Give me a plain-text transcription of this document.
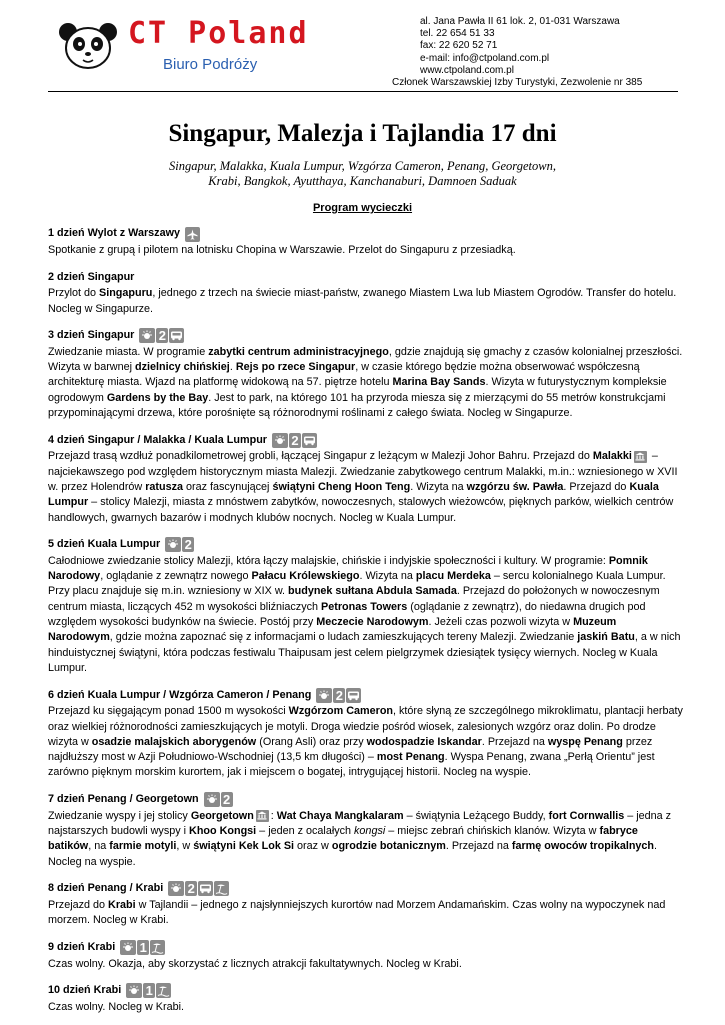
CT Poland
Biuro Podróży
al. Jana Pawła II 61 lok. 2, 01-031 Warszawa
tel. 22 654 51 33
fax: 22 620 52 71
e-mail: info@ctpoland.com.pl
www.ctpoland.com.pl
Członek Warszawskiej Izby Turystyki, Zezwolenie nr 385
Singapur, Malezja i Tajlandia 17 dni
Singapur, Malakka, Kuala Lumpur, Wzgórza Cameron, Penang, Georgetown,
Krabi, Bangkok, Ayutthaya, Kanchanaburi, Damnoen Saduak
Program wycieczki
1 dzień Wylot z Warszawy
Spotkanie z grupą i pilotem na lotnisku Chopina w Warszawie. Przelot do Singapuru z przesiadką.
2 dzień Singapur
Przylot do Singapuru, jednego z trzech na świecie miast-państw, zwanego Miastem Lwa lub Miastem Ogrodów. Transfer do hotelu. Nocleg w Singapurze.
3 dzień Singapur 2
Zwiedzanie miasta. W programie zabytki centrum administracyjnego, gdzie znajdują się gmachy z czasów kolonialnej przeszłości. Wizyta w barwnej dzielnicy chińskiej. Rejs po rzece Singapur, w czasie którego będzie można obserwować współczesną architekturę miasta. Wjazd na platformę widokową na 57. piętrze hotelu Marina Bay Sands. Wizyta w futurystycznym kompleksie ogrodowym Gardens by the Bay. Jest to park, na którego 101 ha przyroda miesza się z mierzącymi do 55 metrów konstrukcjami przypominającymi drzewa, które porośnięte są różnorodnymi roślinami z całego świata. Nocleg w Singapurze.
4 dzień Singapur / Malakka / Kuala Lumpur 2
Przejazd trasą wzdłuż ponadkilometrowej grobli, łączącej Singapur z leżącym w Malezji Johor Bahru. Przejazd do Malakki
– najciekawszego pod względem historycznym miasta Malezji. Zwiedzanie zabytkowego centrum Malakki, m.in.: wzniesionego w XVII w. przez Holendrów ratusza oraz fascynującej świątyni Cheng Hoon Teng. Wizyta na wzgórzu św. Pawła. Przejazd do Kuala Lumpur – stolicy Malezji, miasta z mnóstwem zabytków, nowoczesnych, stalowych wieżowców, pięknych parków, wielkich centrów handlowych, gwarnych bazarów i modnych klubów nocnych. Nocleg w Kuala Lumpur.
5 dzień Kuala Lumpur 2
Całodniowe zwiedzanie stolicy Malezji, która łączy malajskie, chińskie i indyjskie społeczności i kultury. W programie: Pomnik Narodowy, oglądanie z zewnątrz nowego Pałacu Królewskiego. Wizyta na placu Merdeka – sercu kolonialnego Kuala Lumpur. Przy placu znajduje się m.in. wzniesiony w XIX w. budynek sułtana Abdula Samada. Przejazd do położonych w nowoczesnym centrum miasta, liczących 452 m wysokości bliźniaczych Petronas Towers (oglądanie z zewnątrz), do niedawna drugich pod względem wysokości budynków na świecie. Postój przy Meczecie Narodowym. Jeżeli czas pozwoli wizyta w Muzeum Narodowym, gdzie można zapoznać się z informacjami o ludach zamieszkujących tereny Malezji. Zwiedzanie jaskiń Batu, a w nich hinduistycznej świątyni, która podczas festiwalu Thaipusam jest celem pielgrzymek dziesiątek tysięcy wiernych. Nocleg w Kuala Lumpur.
6 dzień Kuala Lumpur / Wzgórza Cameron / Penang 2
Przejazd ku sięgającym ponad 1500 m wysokości Wzgórzom Cameron, które słyną ze szczególnego mikroklimatu, plantacji herbaty oraz wielkiej różnorodności zamieszkujących je motyli. Droga wiedzie pośród wiosek, zalesionych wzgórz oraz dolin. Po drodze wizyta w osadzie malajskich aborygenów (Orang Asli) oraz przy wodospadzie Iskandar. Przejazd na wyspę Penang przez najdłuższy most w Azji Południowo-Wschodniej (13,5 km długości) – most Penang. Wyspa Penang, zwana „Perłą Orientu” jest zarówno pięknym morskim kurortem, jak i miejscem o bogatej, intrygującej historii. Nocleg na wyspie.
7 dzień Penang / Georgetown 2
Zwiedzanie wyspy i jej stolicy Georgetown : Wat Chaya Mangkalaram – świątynia Leżącego Buddy, fort Cornwallis – jedna z najstarszych budowli wyspy i Khoo Kongsi – jeden z ocalałych kongsi – miejsc zebrań chińskich klanów. Wizyta w fabryce batików, na farmie motyli, w świątyni Kek Lok Si oraz w ogrodzie botanicznym. Przejazd na farmę owoców tropikalnych. Nocleg na wyspie.
8 dzień Penang / Krabi 2
Przejazd do Krabi w Tajlandii – jednego z najsłynniejszych kurortów nad Morzem Andamańskim. Czas wolny na wypoczynek nad morzem. Nocleg w Krabi.
9 dzień Krabi 1
Czas wolny. Okazja, aby skorzystać z licznych atrakcji fakultatywnych. Nocleg w Krabi.
10 dzień Krabi 1
Czas wolny. Nocleg w Krabi.
